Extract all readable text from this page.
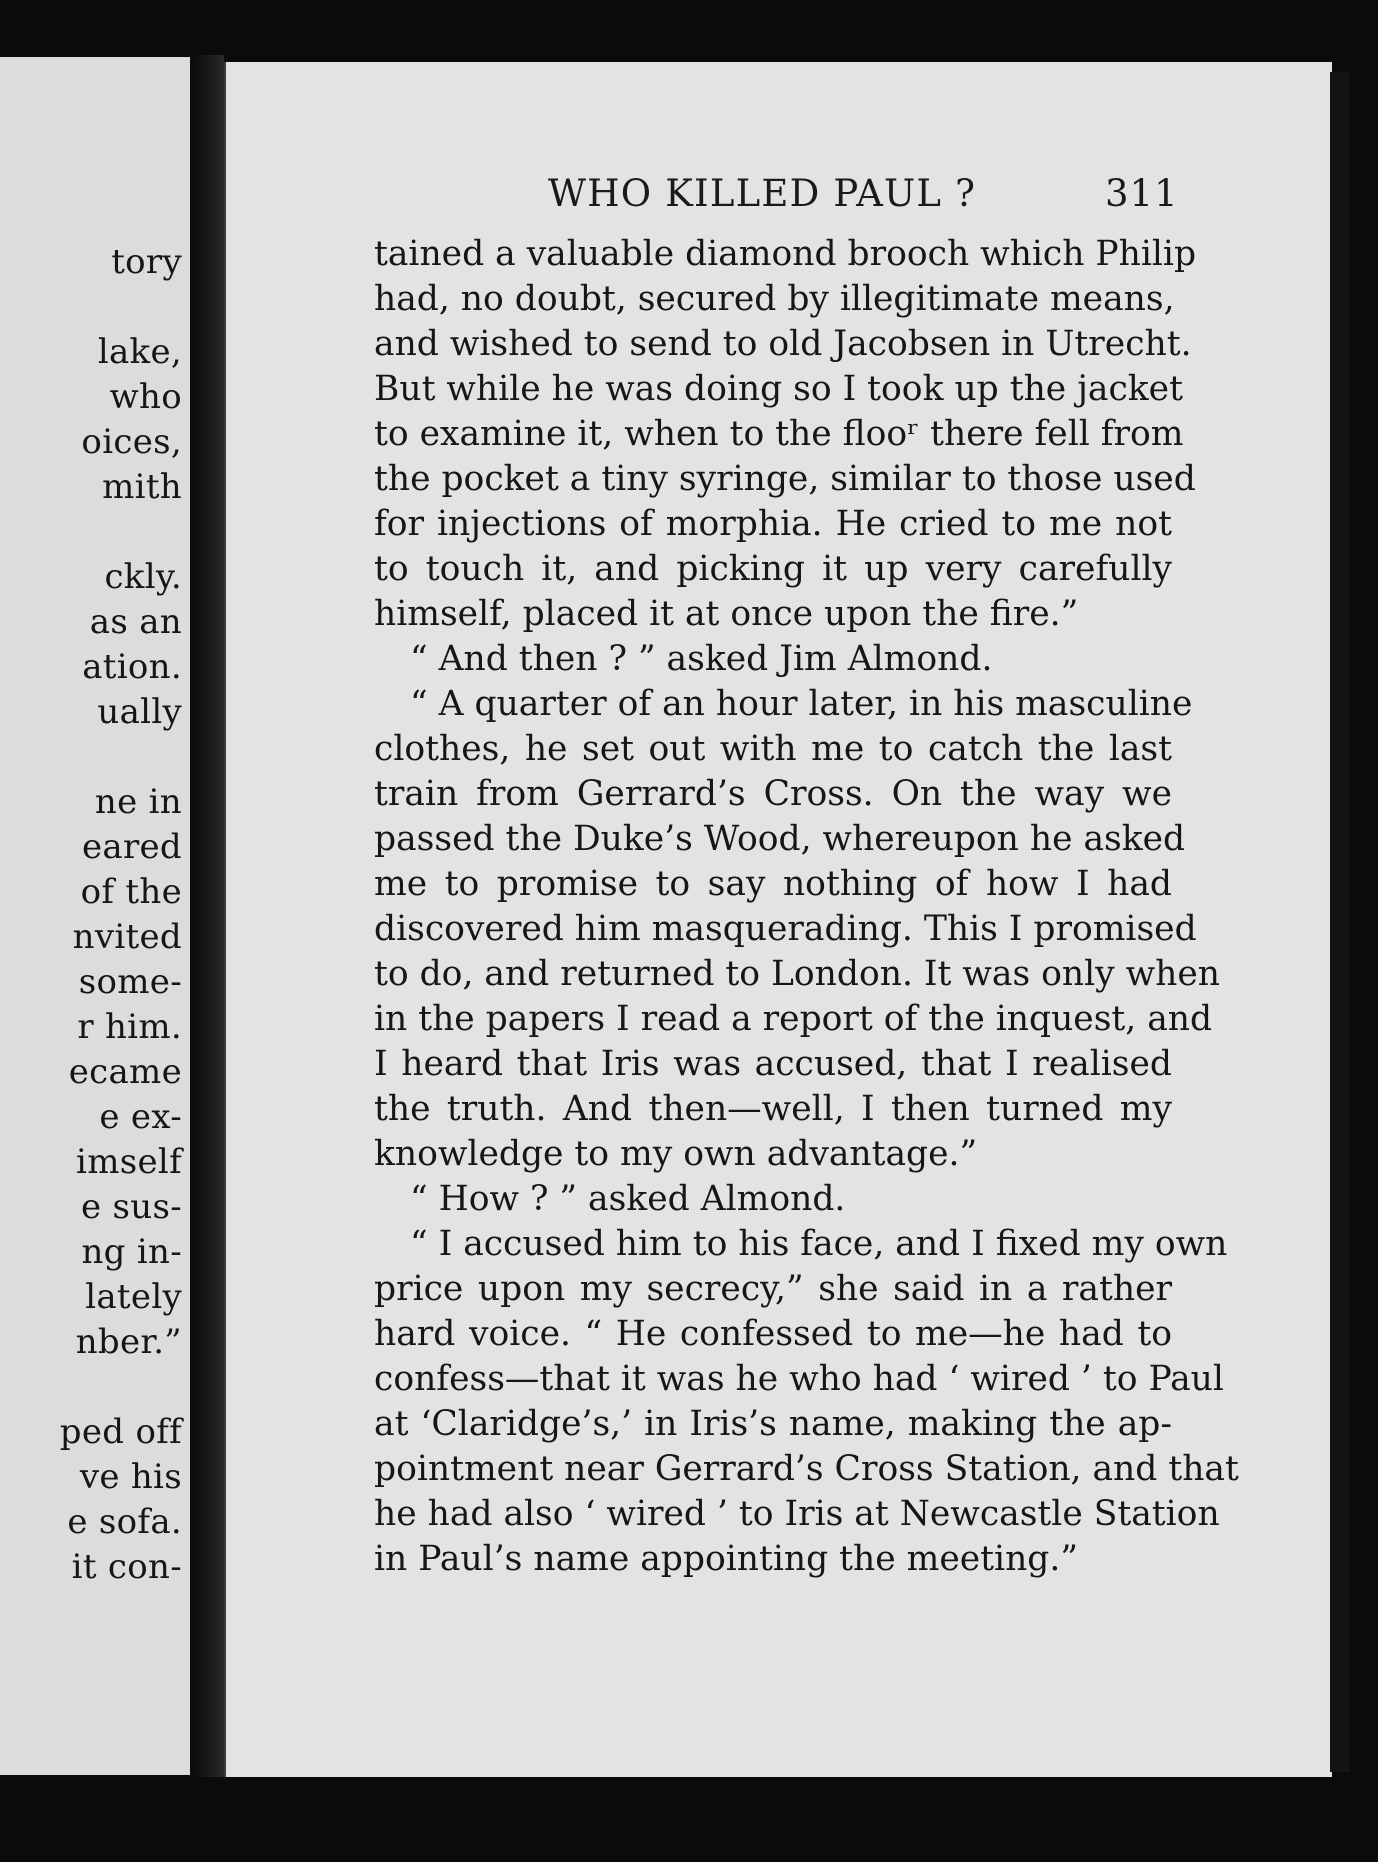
tory
lake,
who
oices,
mith
ckly.
as an
ation.
ually
ne in
eared
of the
nvited
some-
r him.
ecame
e ex-
imself
e sus-
ng in-
lately
nber.”
ped off
ve his
e sofa.
it con-
WHO KILLED PAUL ?	311
tained a valuable diamond brooch which Philip
had, no doubt, secured by illegitimate means,
and wished to send to old Jacobsen in Utrecht.
But while he was doing so I took up the jacket
to examine it, when to the flooʳ there fell from
the pocket a tiny syringe, similar to those used
for injections of morphia. He cried to me not
to touch it, and picking it up very carefully
himself, placed it at once upon the fire.”
“ And then ? ” asked Jim Almond.
“ A quarter of an hour later, in his masculine
clothes, he set out with me to catch the last
train from Gerrard’s Cross. On the way we
passed the Duke’s Wood, whereupon he asked
me to promise to say nothing of how I had
discovered him masquerading. This I promised
to do, and returned to London. It was only when
in the papers I read a report of the inquest, and
I heard that Iris was accused, that I realised
the truth. And then—well, I then turned my
knowledge to my own advantage.”
“ How ? ” asked Almond.
“ I accused him to his face, and I fixed my own
price upon my secrecy,” she said in a rather
hard voice. “ He confessed to me—he had to
confess—that it was he who had ‘ wired ’ to Paul
at ‘Claridge’s,’ in Iris’s name, making the ap-
pointment near Gerrard’s Cross Station, and that
he had also ‘ wired ’ to Iris at Newcastle Station
in Paul’s name appointing the meeting.”
